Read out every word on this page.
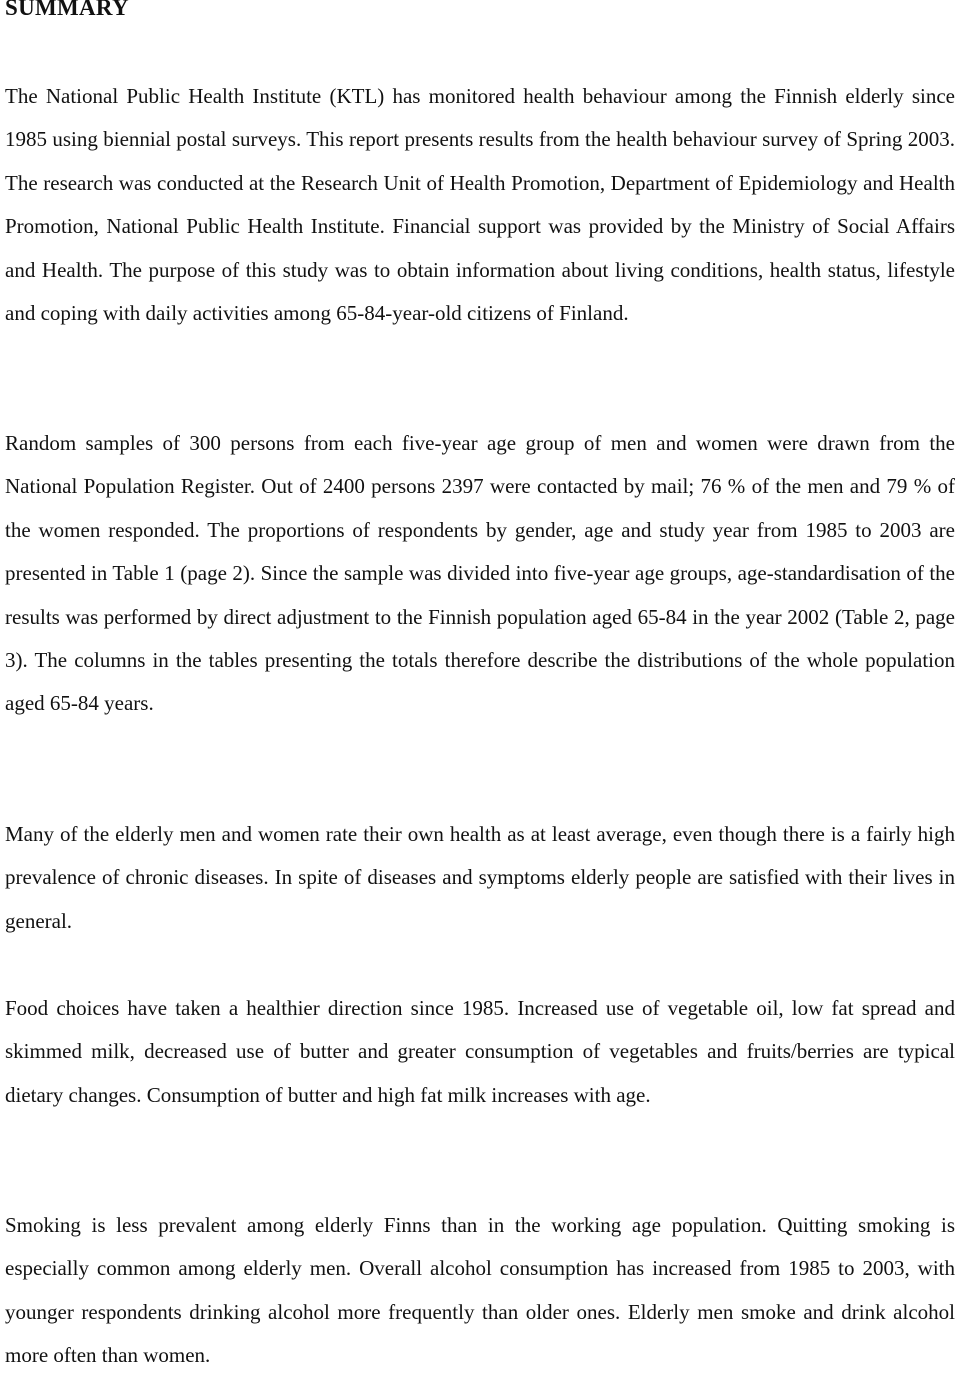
SUMMARY

The National Public Health Institute (KTL) has monitored health behaviour among the Finnish elderly since 1985 using biennial postal surveys. This report presents results from the health behaviour survey of Spring 2003. The research was conducted at the Research Unit of Health Promotion, Department of Epidemiology and Health Promotion, National Public Health Institute. Financial support was provided by the Ministry of Social Affairs and Health. The purpose of this study was to obtain information about living conditions, health status, lifestyle and coping with daily activities among 65-84-year-old citizens of Finland.

Random samples of 300 persons from each five-year age group of men and women were drawn from the National Population Register. Out of 2400 persons 2397 were contacted by mail; 76 % of the men and 79 % of the women responded. The proportions of respondents by gender, age and study year from 1985 to 2003 are presented in Table 1 (page 2). Since the sample was divided into five-year age groups, age-standardisation of the results was performed by direct adjustment to the Finnish population aged 65-84 in the year 2002 (Table 2, page 3). The columns in the tables presenting the totals therefore describe the distributions of the whole population aged 65-84 years.

Many of the elderly men and women rate their own health as at least average, even though there is a fairly high prevalence of chronic diseases. In spite of diseases and symptoms elderly people are satisfied with their lives in general.

Food choices have taken a healthier direction since 1985. Increased use of vegetable oil, low fat spread and skimmed milk, decreased use of butter and greater consumption of vegetables and fruits/berries are typical dietary changes. Consumption of butter and high fat milk increases with age.

Smoking is less prevalent among elderly Finns than in the working age population. Quitting smoking is especially common among elderly men. Overall alcohol consumption has increased from 1985 to 2003, with younger respondents drinking alcohol more frequently than older ones. Elderly men smoke and drink alcohol more often than women.
